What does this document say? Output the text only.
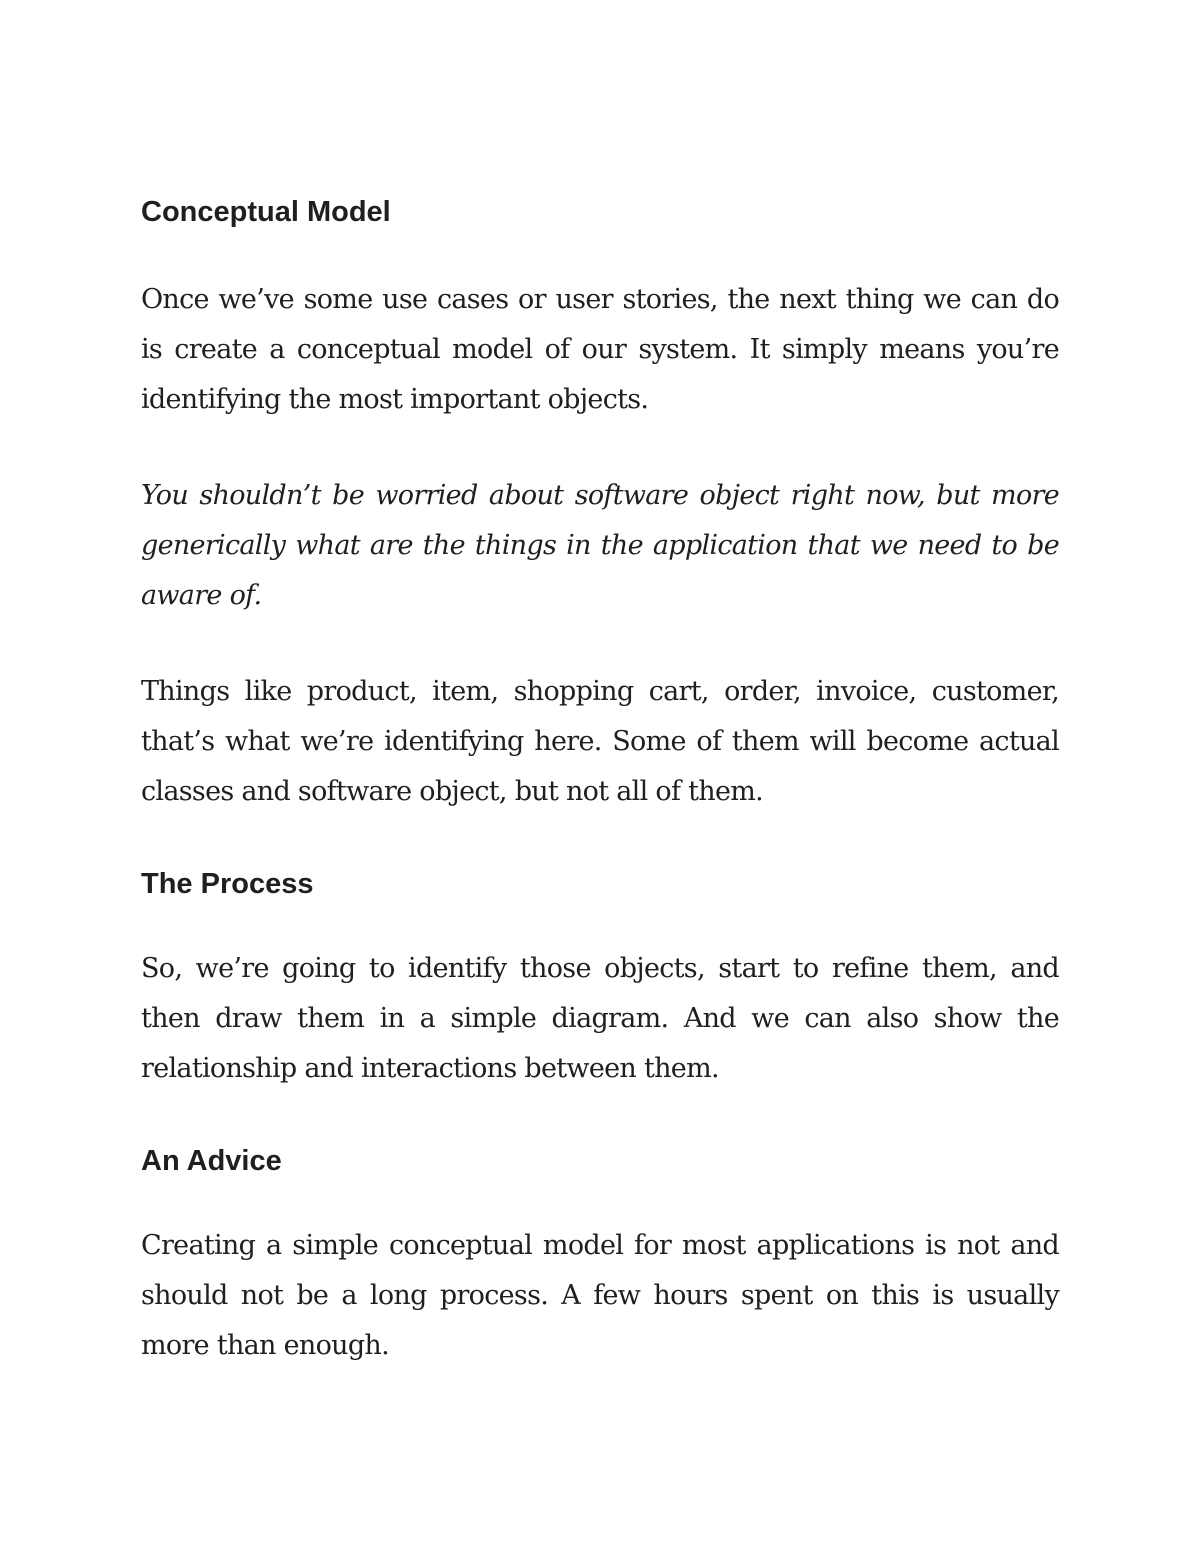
Conceptual Model

Once we’ve some use cases or user stories, the next thing we can do is create a conceptual model of our system. It simply means you’re identifying the most important objects.

You shouldn’t be worried about software object right now, but more generically what are the things in the application that we need to be aware of.

Things like product, item, shopping cart, order, invoice, customer, that’s what we’re identifying here. Some of them will become actual classes and software object, but not all of them.

The Process

So, we’re going to identify those objects, start to refine them, and then draw them in a simple diagram. And we can also show the relationship and interactions between them.

An Advice

Creating a simple conceptual model for most applications is not and should not be a long process. A few hours spent on this is usually more than enough.
